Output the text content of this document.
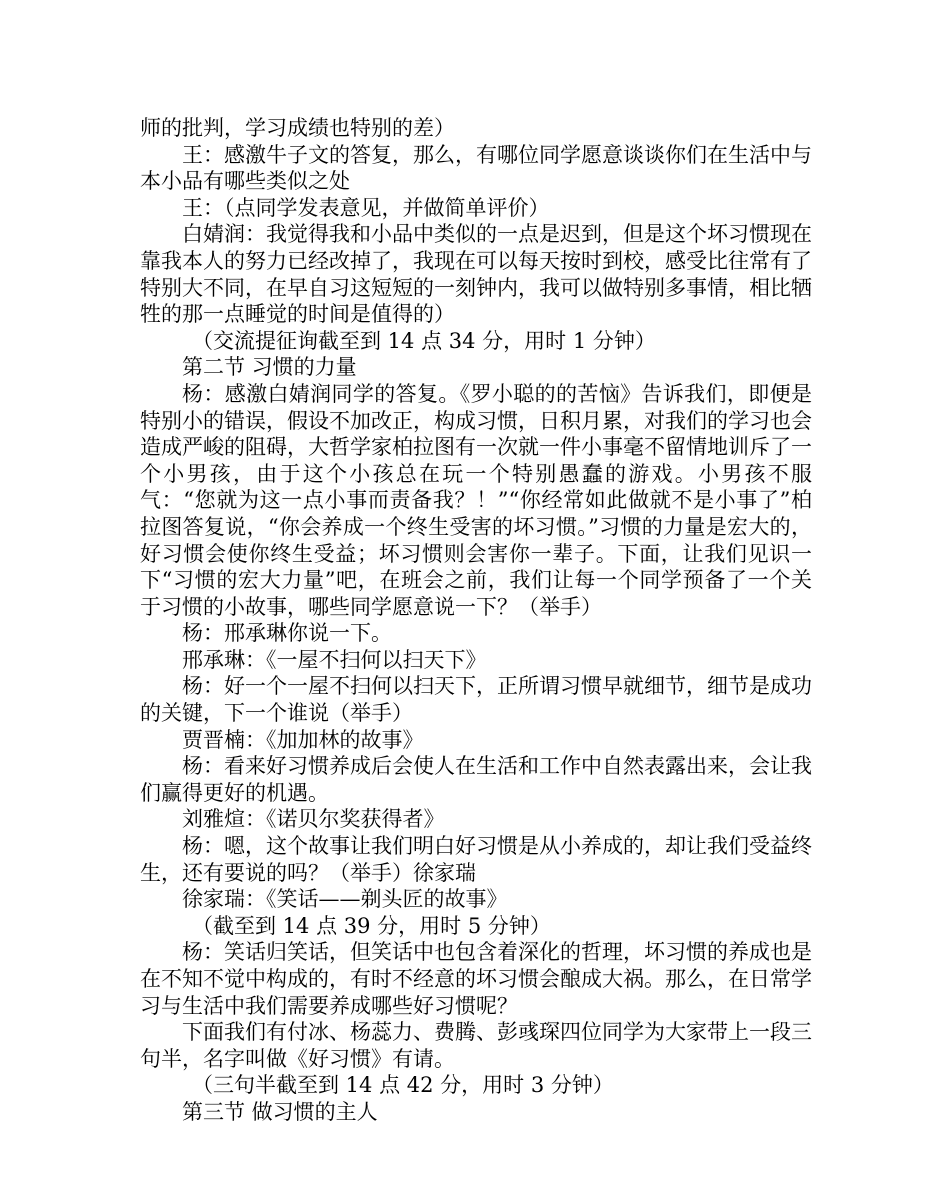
师的批判，学习成绩也特别的差）

王：感激牛子文的答复，那么，有哪位同学愿意谈谈你们在生活中与本小品有哪些类似之处

王：（点同学发表意见，并做简单评价）

白婧润：我觉得我和小品中类似的一点是迟到，但是这个坏习惯现在靠我本人的努力已经改掉了，我现在可以每天按时到校，感受比往常有了特别大不同，在早自习这短短的一刻钟内，我可以做特别多事情，相比牺牲的那一点睡觉的时间是值得的）

（交流提征询截至到 14 点 34 分，用时 1 分钟）

第二节 习惯的力量

杨：感激白婧润同学的答复。《罗小聪的的苦恼》告诉我们，即便是特别小的错误，假设不加改正，构成习惯，日积月累，对我们的学习也会造成严峻的阻碍，大哲学家柏拉图有一次就一件小事毫不留情地训斥了一个小男孩，由于这个小孩总在玩一个特别愚蠢的游戏。小男孩不服气：“您就为这一点小事而责备我？！”“你经常如此做就不是小事了”柏拉图答复说，“你会养成一个终生受害的坏习惯。”习惯的力量是宏大的，好习惯会使你终生受益；坏习惯则会害你一辈子。下面，让我们见识一下“习惯的宏大力量”吧，在班会之前，我们让每一个同学预备了一个关于习惯的小故事，哪些同学愿意说一下？（举手）

杨：邢承琳你说一下。

邢承琳：《一屋不扫何以扫天下》

杨：好一个一屋不扫何以扫天下，正所谓习惯早就细节，细节是成功的关键，下一个谁说（举手）

贾晋楠：《加加林的故事》

杨：看来好习惯养成后会使人在生活和工作中自然表露出来，会让我们赢得更好的机遇。

刘雅煊：《诺贝尔奖获得者》

杨：嗯，这个故事让我们明白好习惯是从小养成的，却让我们受益终生，还有要说的吗？（举手）徐家瑞

徐家瑞：《笑话——剃头匠的故事》

（截至到 14 点 39 分，用时 5 分钟）

杨：笑话归笑话，但笑话中也包含着深化的哲理，坏习惯的养成也是在不知不觉中构成的，有时不经意的坏习惯会酿成大祸。那么，在日常学习与生活中我们需要养成哪些好习惯呢？

下面我们有付冰、杨蕊力、费腾、彭彧琛四位同学为大家带上一段三句半，名字叫做《好习惯》有请。

（三句半截至到 14 点 42 分，用时 3 分钟）

第三节 做习惯的主人
